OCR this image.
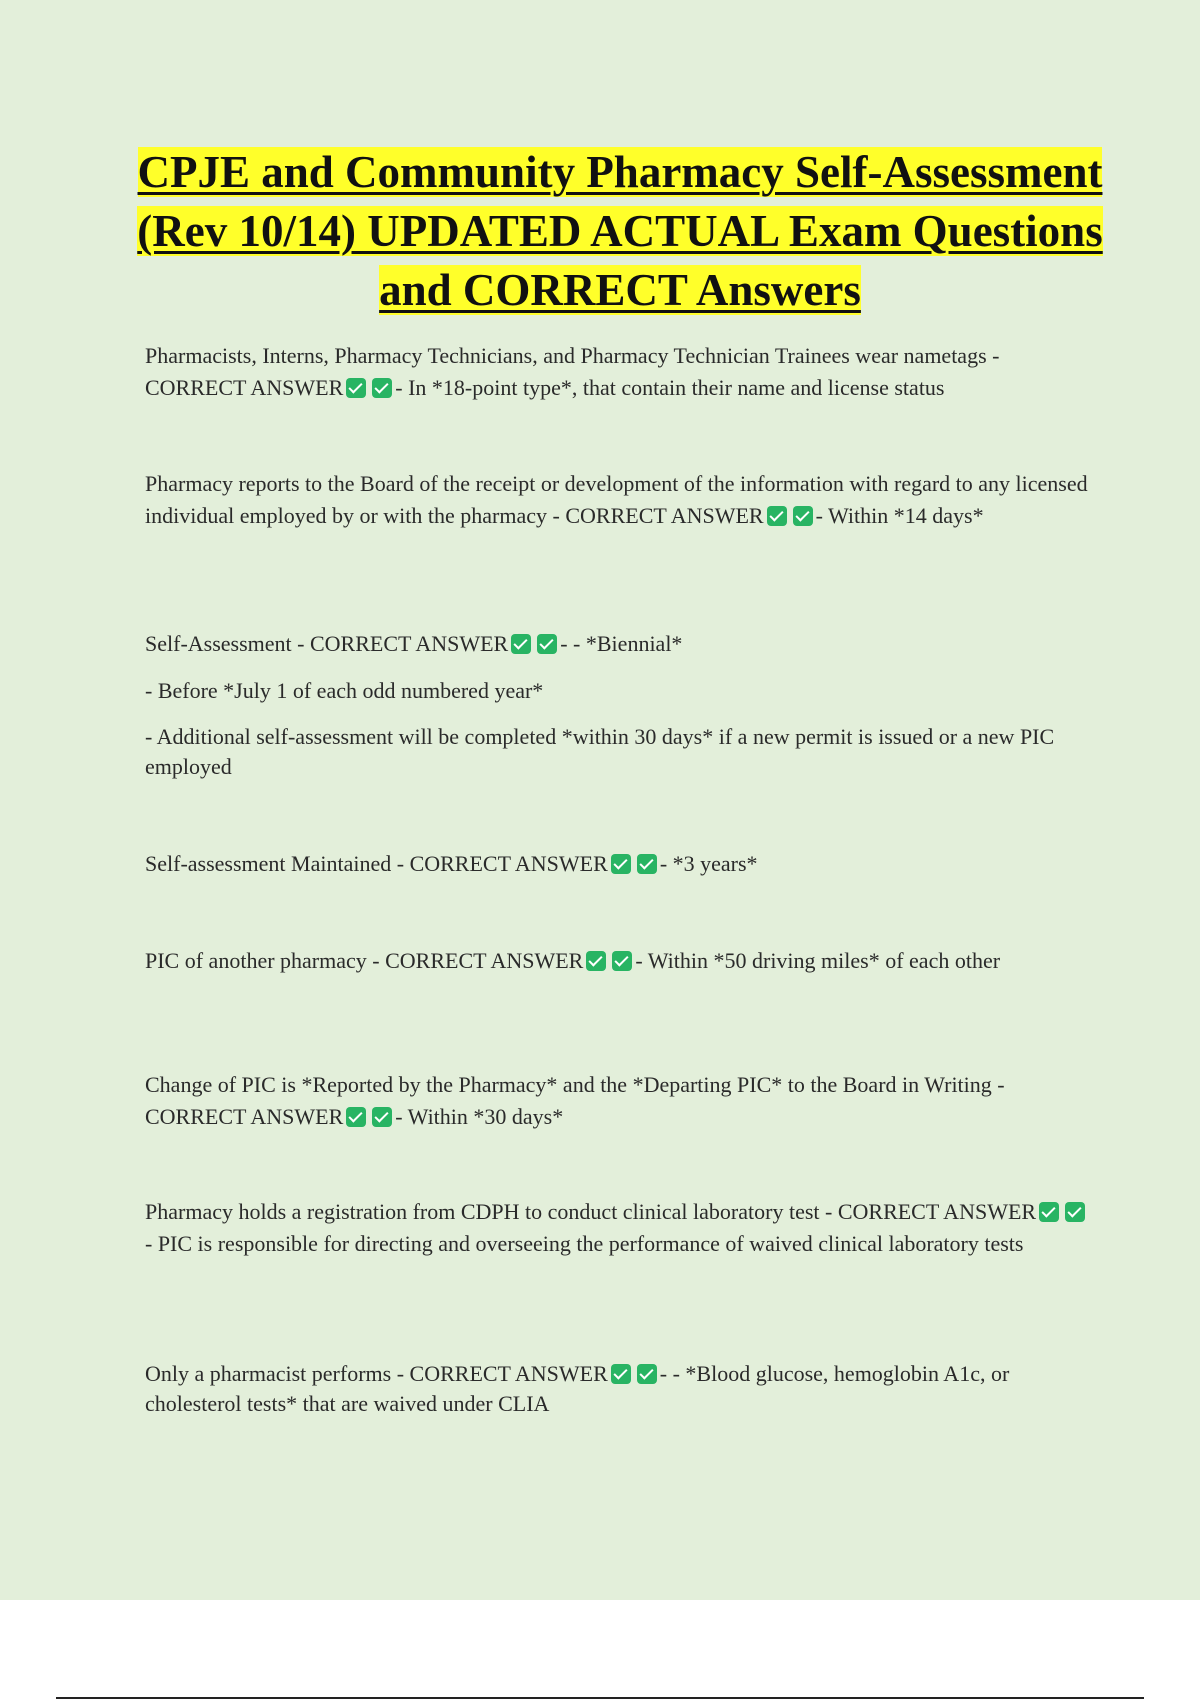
CPJE and Community Pharmacy Self-Assessment (Rev 10/14) UPDATED ACTUAL Exam Questions and CORRECT Answers

Pharmacists, Interns, Pharmacy Technicians, and Pharmacy Technician Trainees wear nametags - CORRECT ANSWER - In *18-point type*, that contain their name and license status

Pharmacy reports to the Board of the receipt or development of the information with regard to any licensed individual employed by or with the pharmacy - CORRECT ANSWER - Within *14 days*

Self-Assessment - CORRECT ANSWER - - *Biennial*

- Before *July 1 of each odd numbered year*

- Additional self-assessment will be completed *within 30 days* if a new permit is issued or a new PIC employed

Self-assessment Maintained - CORRECT ANSWER - *3 years*

PIC of another pharmacy - CORRECT ANSWER - Within *50 driving miles* of each other

Change of PIC is *Reported by the Pharmacy* and the *Departing PIC* to the Board in Writing - CORRECT ANSWER - Within *30 days*

Pharmacy holds a registration from CDPH to conduct clinical laboratory test - CORRECT ANSWER- PIC is responsible for directing and overseeing the performance of waived clinical laboratory tests

Only a pharmacist performs - CORRECT ANSWER - - *Blood glucose, hemoglobin A1c, or cholesterol tests* that are waived under CLIA
